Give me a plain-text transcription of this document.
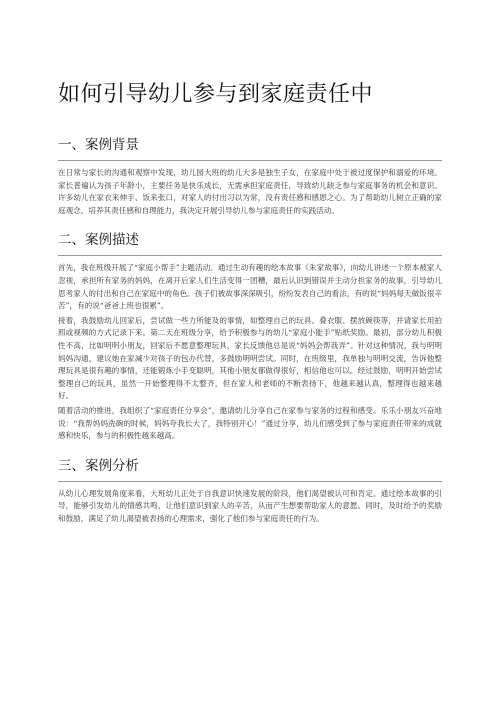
如何引导幼儿参与到家庭责任中
一、案例背景

在日常与家长的沟通和观察中发现，幼儿园大班的幼儿大多是独生子女，在家庭中处于被过度保护和溺爱的环境。家长普遍认为孩子年龄小，主要任务是快乐成长，无需承担家庭责任，导致幼儿缺乏参与家庭事务的机会和意识。许多幼儿在家衣来伸手、饭来张口，对家人的付出习以为常，没有责任感和感恩之心。为了帮助幼儿树立正确的家庭观念，培养其责任感和自理能力，我决定开展引导幼儿参与家庭责任的实践活动。

二、案例描述

首先，我在班级开展了“家庭小帮手”主题活动。通过生动有趣的绘本故事《朱家故事》，向幼儿讲述一个原本被家人忽视，承担所有家务的妈妈，在离开后家人们生活变得一团糟，最后认识到错误并主动分担家务的故事，引导幼儿思考家人的付出和自己在家庭中的角色。孩子们被故事深深吸引，纷纷发表自己的看法，有的说“妈妈每天做饭很辛苦”，有的说“爸爸上班也很累”。

接着，我鼓励幼儿回家后，尝试做一些力所能及的事情，如整理自己的玩具、叠衣服、摆放碗筷等，并请家长用拍照或视频的方式记录下来。第二天在班级分享，给予积极参与的幼儿“家庭小能手”贴纸奖励。最初，部分幼儿积极性不高，比如明明小朋友，回家后不愿意整理玩具，家长反馈他总是说“妈妈会帮我弄”。针对这种情况，我与明明妈妈沟通，建议她在家减少对孩子的包办代替，多鼓励明明尝试。同时，在班级里，我单独与明明交流，告诉他整理玩具是很有趣的事情，还能锻炼小手变聪明，其他小朋友都做得很好，相信他也可以。经过鼓励，明明开始尝试整理自己的玩具，虽然一开始整理得不太整齐，但在家人和老师的不断表扬下，他越来越认真，整理得也越来越好。

随着活动的推进，我组织了“家庭责任分享会”，邀请幼儿分享自己在家参与家务的过程和感受。乐乐小朋友兴奋地说：“我帮妈妈洗碗的时候，妈妈夸我长大了，我特别开心！”通过分享，幼儿们感受到了参与家庭责任带来的成就感和快乐，参与的积极性越来越高。

三、案例分析

从幼儿心理发展角度来看，大班幼儿正处于自我意识快速发展的阶段，他们渴望被认可和肯定。通过绘本故事的引导，能够引发幼儿的情感共鸣，让他们意识到家人的辛苦，从而产生想要帮助家人的意愿。同时，及时给予的奖励和鼓励，满足了幼儿渴望被表扬的心理需求，强化了他们参与家庭责任的行为。
